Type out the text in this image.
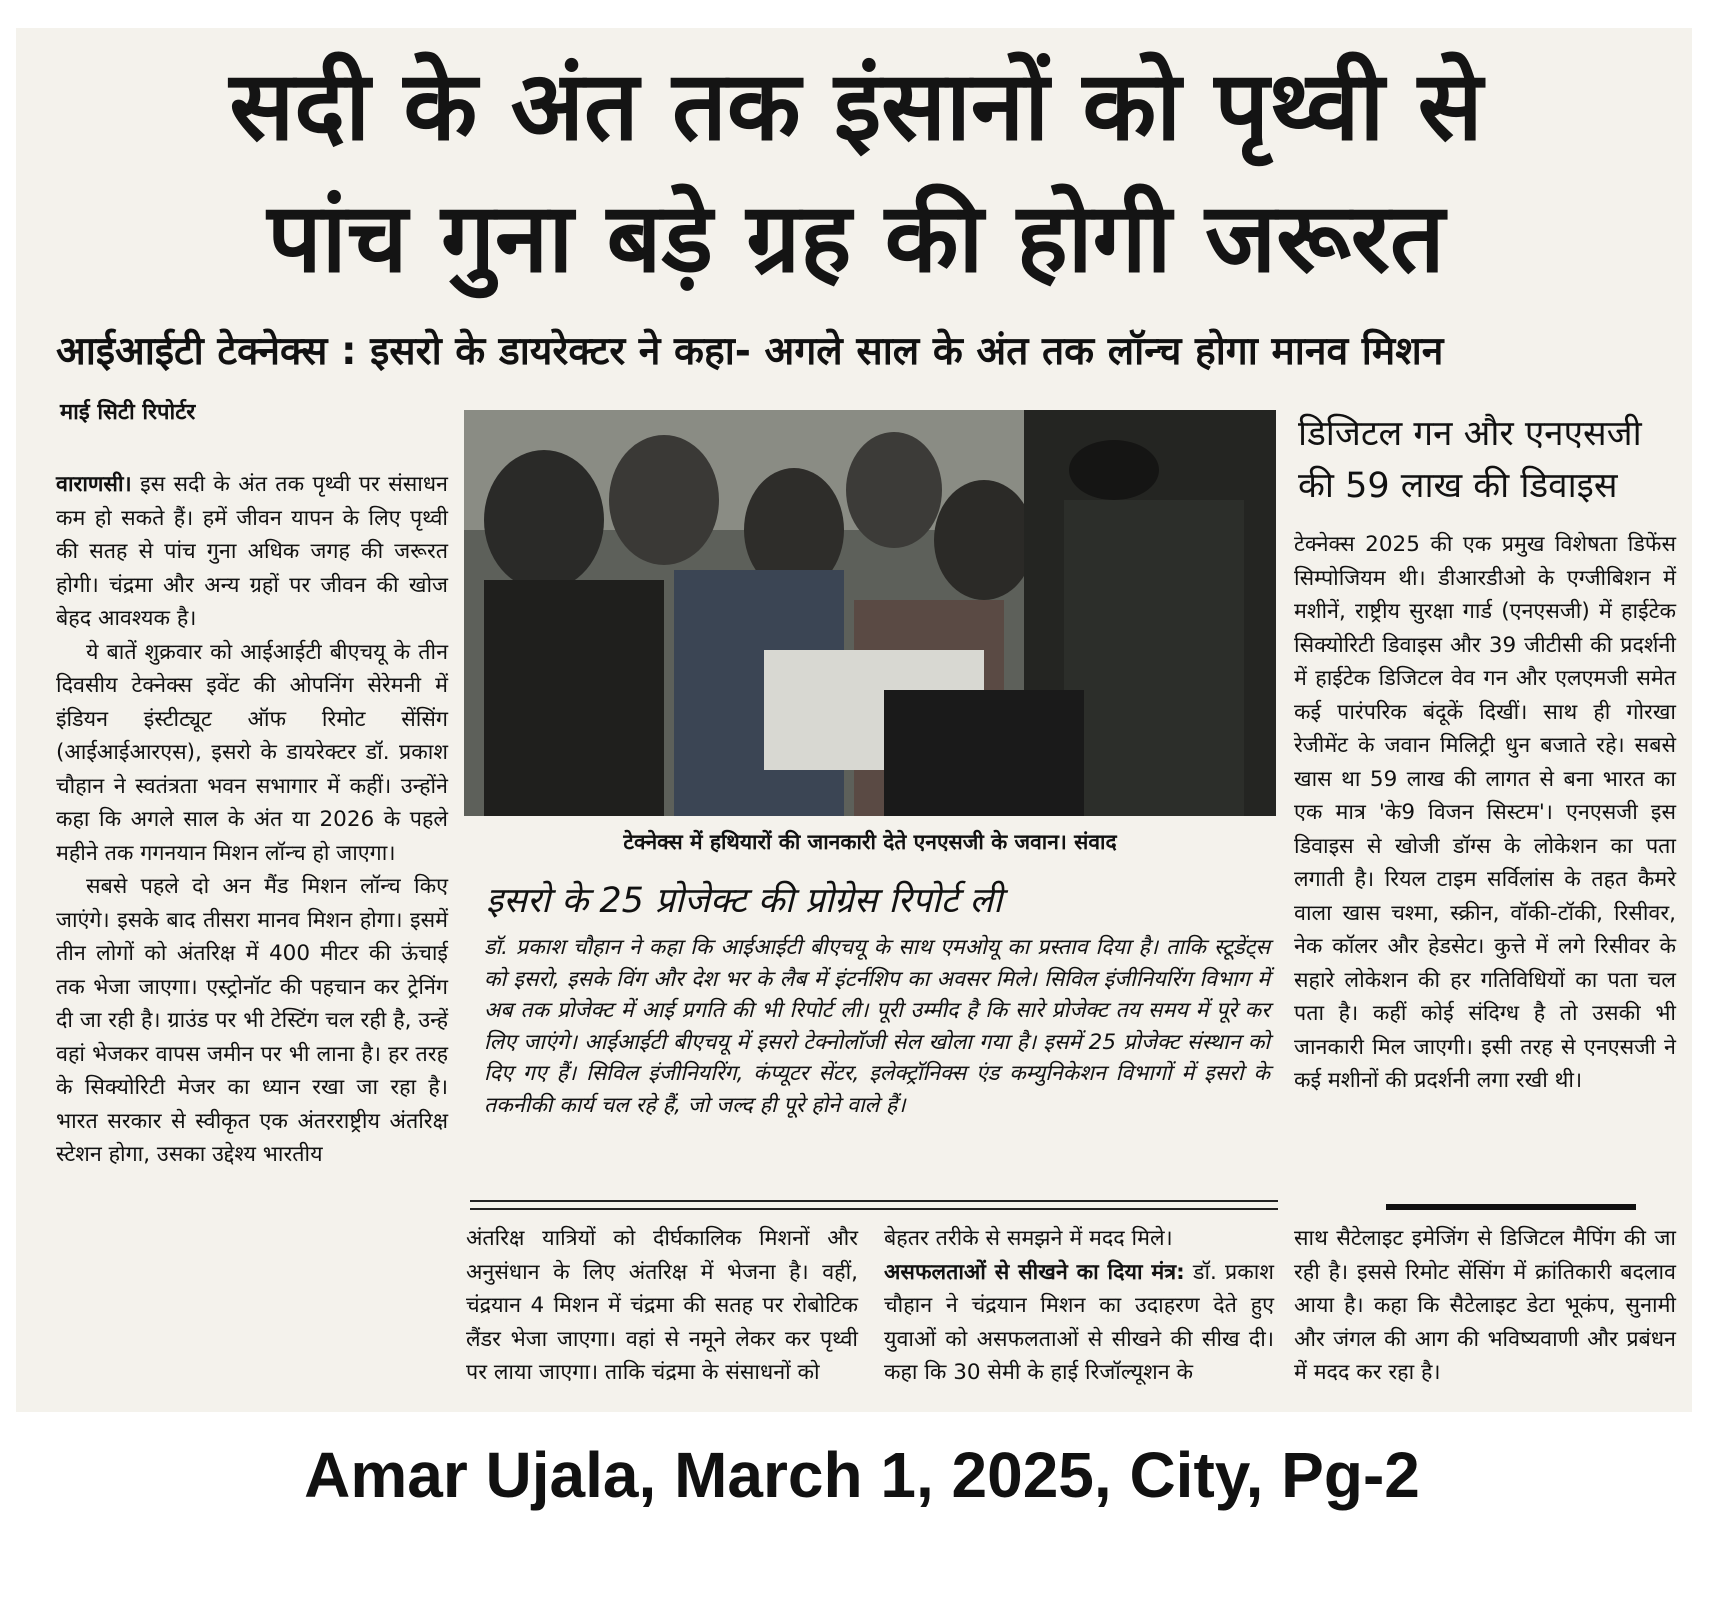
सदी के अंत तक इंसानों को पृथ्वी से
पांच गुना बड़े ग्रह की होगी जरूरत
आईआईटी टेक्नेक्स : इसरो के डायरेक्टर ने कहा- अगले साल के अंत तक लॉन्च होगा मानव मिशन
माई सिटी रिपोर्टर

वाराणसी। इस सदी के अंत तक पृथ्वी पर संसाधन कम हो सकते हैं। हमें जीवन यापन के लिए पृथ्वी की सतह से पांच गुना अधिक जगह की जरूरत होगी। चंद्रमा और अन्य ग्रहों पर जीवन की खोज बेहद आवश्यक है।

ये बातें शुक्रवार को आईआईटी बीएचयू के तीन दिवसीय टेक्नेक्स इवेंट की ओपनिंग सेरेमनी में इंडियन इंस्टीट्यूट ऑफ रिमोट सेंसिंग (आईआईआरएस), इसरो के डायरेक्टर डॉ. प्रकाश चौहान ने स्वतंत्रता भवन सभागार में कहीं। उन्होंने कहा कि अगले साल के अंत या 2026 के पहले महीने तक गगनयान मिशन लॉन्च हो जाएगा।

सबसे पहले दो अन मैंड मिशन लॉन्च किए जाएंगे। इसके बाद तीसरा मानव मिशन होगा। इसमें तीन लोगों को अंतरिक्ष में 400 मीटर की ऊंचाई तक भेजा जाएगा। एस्ट्रोनॉट की पहचान कर ट्रेनिंग दी जा रही है। ग्राउंड पर भी टेस्टिंग चल रही है, उन्हें वहां भेजकर वापस जमीन पर भी लाना है। हर तरह के सिक्योरिटी मेजर का ध्यान रखा जा रहा है। भारत सरकार से स्वीकृत एक अंतरराष्ट्रीय अंतरिक्ष स्टेशन होगा, उसका उद्देश्य भारतीय

टेक्नेक्स में हथियारों की जानकारी देते एनएसजी के जवान। संवाद
इसरो के 25 प्रोजेक्ट की प्रोग्रेस रिपोर्ट ली
डॉ. प्रकाश चौहान ने कहा कि आईआईटी बीएचयू के साथ एमओयू का प्रस्ताव दिया है। ताकि स्टूडेंट्स को इसरो, इसके विंग और देश भर के लैब में इंटर्नशिप का अवसर मिले। सिविल इंजीनियरिंग विभाग में अब तक प्रोजेक्ट में आई प्रगति की भी रिपोर्ट ली। पूरी उम्मीद है कि सारे प्रोजेक्ट तय समय में पूरे कर लिए जाएंगे। आईआईटी बीएचयू में इसरो टेक्नोलॉजी सेल खोला गया है। इसमें 25 प्रोजेक्ट संस्थान को दिए गए हैं। सिविल इंजीनियरिंग, कंप्यूटर सेंटर, इलेक्ट्रॉनिक्स एंड कम्युनिकेशन विभागों में इसरो के तकनीकी कार्य चल रहे हैं, जो जल्द ही पूरे होने वाले हैं।
अंतरिक्ष यात्रियों को दीर्घकालिक मिशनों और अनुसंधान के लिए अंतरिक्ष में भेजना है। वहीं, चंद्रयान 4 मिशन में चंद्रमा की सतह पर रोबोटिक लैंडर भेजा जाएगा। वहां से नमूने लेकर कर पृथ्वी पर लाया जाएगा। ताकि चंद्रमा के संसाधनों को

बेहतर तरीके से समझने में मदद मिले।

असफलताओं से सीखने का दिया मंत्र: डॉ. प्रकाश चौहान ने चंद्रयान मिशन का उदाहरण देते हुए युवाओं को असफलताओं से सीखने की सीख दी। कहा कि 30 सेमी के हाई रिजॉल्यूशन के

डिजिटल गन और एनएसजी की 59 लाख की डिवाइस
टेक्नेक्स 2025 की एक प्रमुख विशेषता डिफेंस सिम्पोजियम थी। डीआरडीओ के एग्जीबिशन में मशीनें, राष्ट्रीय सुरक्षा गार्ड (एनएसजी) में हाईटेक सिक्योरिटी डिवाइस और 39 जीटीसी की प्रदर्शनी में हाईटेक डिजिटल वेव गन और एलएमजी समेत कई पारंपरिक बंदूकें दिखीं। साथ ही गोरखा रेजीमेंट के जवान मिलिट्री धुन बजाते रहे। सबसे खास था 59 लाख की लागत से बना भारत का एक मात्र 'के9 विजन सिस्टम'। एनएसजी इस डिवाइस से खोजी डॉग्स के लोकेशन का पता लगाती है। रियल टाइम सर्विलांस के तहत कैमरे वाला खास चश्मा, स्क्रीन, वॉकी-टॉकी, रिसीवर, नेक कॉलर और हेडसेट। कुत्ते में लगे रिसीवर के सहारे लोकेशन की हर गतिविधियों का पता चल पता है। कहीं कोई संदिग्ध है तो उसकी भी जानकारी मिल जाएगी। इसी तरह से एनएसजी ने कई मशीनों की प्रदर्शनी लगा रखी थी।
साथ सैटेलाइट इमेजिंग से डिजिटल मैपिंग की जा रही है। इससे रिमोट सेंसिंग में क्रांतिकारी बदलाव आया है। कहा कि सैटेलाइट डेटा भूकंप, सुनामी और जंगल की आग की भविष्यवाणी और प्रबंधन में मदद कर रहा है।
Amar Ujala, March 1, 2025, City, Pg-2
